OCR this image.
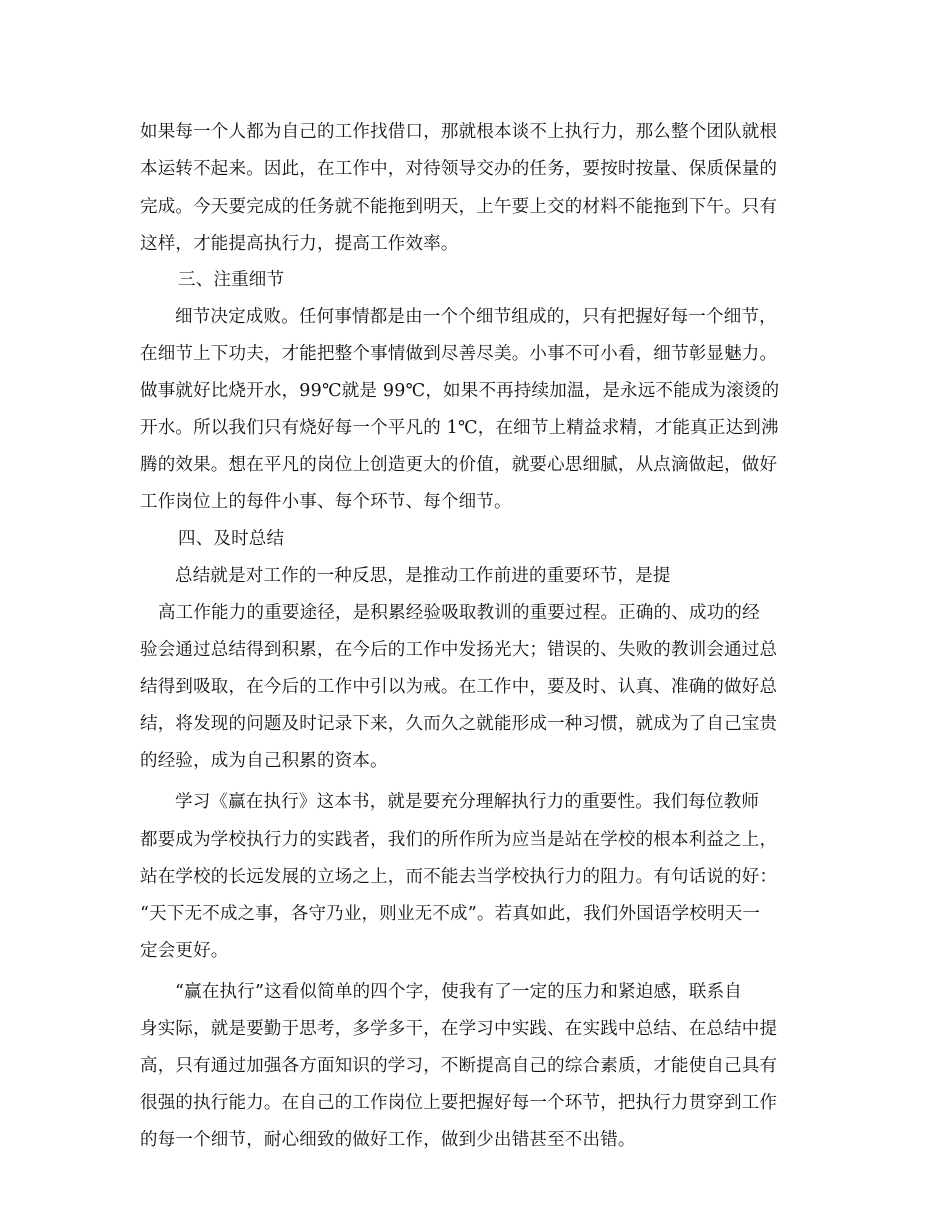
如果每一个人都为自己的工作找借口，那就根本谈不上执行力，那么整个团队就根
本运转不起来。因此，在工作中，对待领导交办的任务，要按时按量、保质保量的
完成。今天要完成的任务就不能拖到明天，上午要上交的材料不能拖到下午。只有
这样，才能提高执行力，提高工作效率。
三、注重细节
细节决定成败。任何事情都是由一个个细节组成的，只有把握好每一个细节，
在细节上下功夫，才能把整个事情做到尽善尽美。小事不可小看，细节彰显魅力。
做事就好比烧开水，99℃就是 99℃，如果不再持续加温，是永远不能成为滚烫的
开水。所以我们只有烧好每一个平凡的 1℃，在细节上精益求精，才能真正达到沸
腾的效果。想在平凡的岗位上创造更大的价值，就要心思细腻，从点滴做起，做好
工作岗位上的每件小事、每个环节、每个细节。
四、及时总结
总结就是对工作的一种反思，是推动工作前进的重要环节，是提
高工作能力的重要途径，是积累经验吸取教训的重要过程。正确的、成功的经
验会通过总结得到积累，在今后的工作中发扬光大；错误的、失败的教训会通过总
结得到吸取，在今后的工作中引以为戒。在工作中，要及时、认真、准确的做好总
结，将发现的问题及时记录下来，久而久之就能形成一种习惯，就成为了自己宝贵
的经验，成为自己积累的资本。
学习《赢在执行》这本书，就是要充分理解执行力的重要性。我们每位教师
都要成为学校执行力的实践者，我们的所作所为应当是站在学校的根本利益之上，
站在学校的长远发展的立场之上，而不能去当学校执行力的阻力。有句话说的好：
“天下无不成之事，各守乃业，则业无不成”。若真如此，我们外国语学校明天一
定会更好。
“赢在执行”这看似简单的四个字，使我有了一定的压力和紧迫感，联系自
身实际，就是要勤于思考，多学多干，在学习中实践、在实践中总结、在总结中提
高，只有通过加强各方面知识的学习，不断提高自己的综合素质，才能使自己具有
很强的执行能力。在自己的工作岗位上要把握好每一个环节，把执行力贯穿到工作
的每一个细节，耐心细致的做好工作，做到少出错甚至不出错。
